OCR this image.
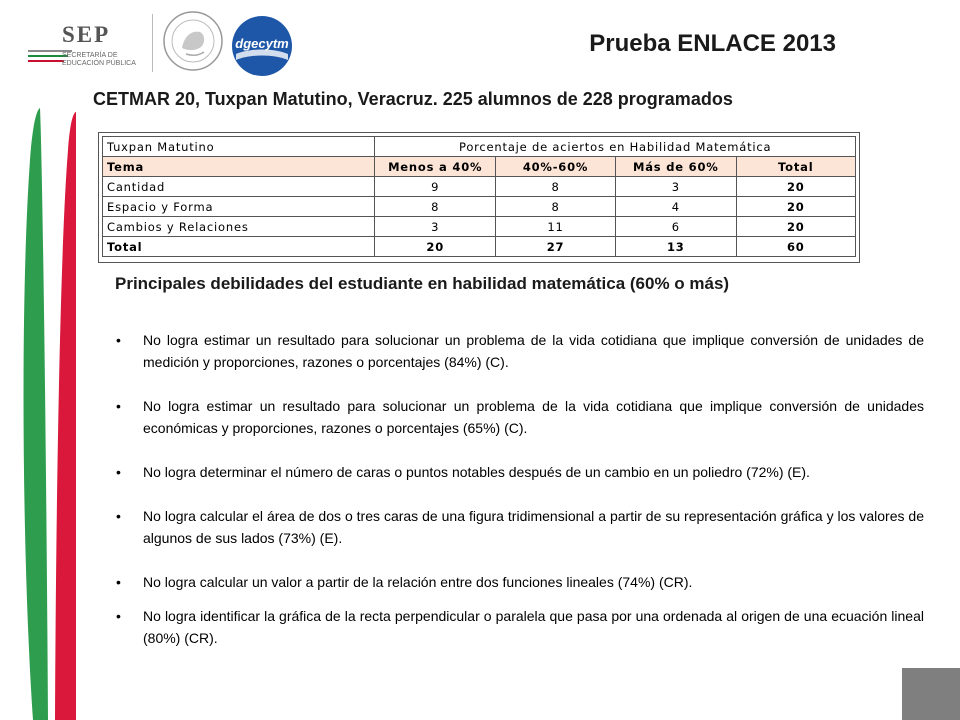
SEP
SECRETARÍA DE EDUCACIÓN PÚBLICA
dgecytm	Prueba ENLACE 2013
CETMAR 20, Tuxpan Matutino, Veracruz. 225 alumnos de 228 programados
Tuxpan Matutino	Porcentaje de aciertos en Habilidad Matemática			
Tema	Menos a 40%	40%-60%	Más de 60%	Total
Cantidad	9	8	3	20
Espacio y Forma	8	8	4	20
Cambios y Relaciones	3	11	6	20
Total	20	27	13	60
Principales debilidades del estudiante en habilidad matemática (60% o más)
• No logra estimar un resultado para solucionar un problema de la vida cotidiana que implique conversión de unidades de medición y proporciones, razones o porcentajes (84%) (C).
• No logra estimar un resultado para solucionar un problema de la vida cotidiana que implique conversión de unidades económicas y proporciones, razones o porcentajes (65%) (C).
• No logra determinar el número de caras o puntos notables después de un cambio en un poliedro (72%) (E).
• No logra calcular el área de dos o tres caras de una figura tridimensional a partir de su representación gráfica y los valores de algunos de sus lados (73%) (E).
• No logra calcular un valor a partir de la relación entre dos funciones lineales (74%) (CR).
• No logra identificar la gráfica de la recta perpendicular o paralela que pasa por una ordenada al origen de una ecuación lineal (80%) (CR).
